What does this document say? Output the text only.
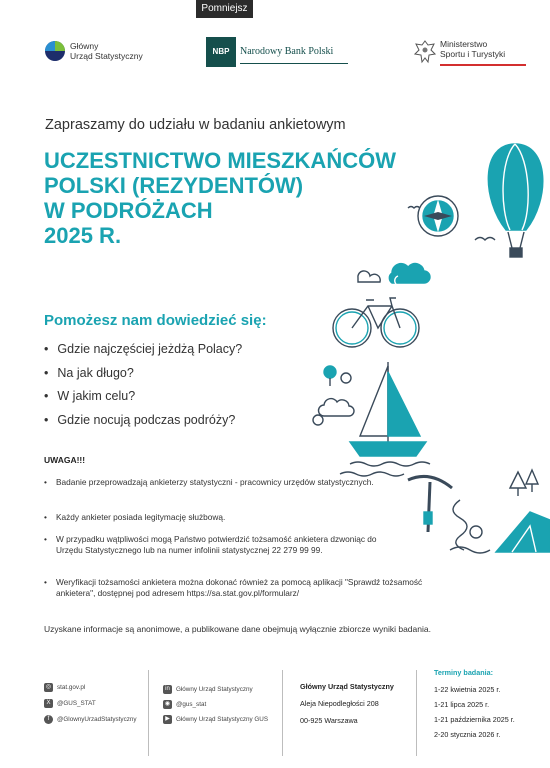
Pomniejsz
Główny
Urząd Statystyczny	NBP	Narodowy Bank Polski
Ministerstwo
Sportu i Turystyki
Zapraszamy do udziału w badaniu ankietowym
UCZESTNICTWO MIESZKAŃCÓW
POLSKI (REZYDENTÓW)
W PODRÓŻACH
2025 R.
Pomożesz nam dowiedzieć się:
• Gdzie najczęściej jeżdżą Polacy?
• Na jak długo?
• W jakim celu?
• Gdzie nocują podczas podróży?
UWAGA!!!
• Badanie przeprowadzają ankieterzy statystyczni - pracownicy urzędów statystycznych.
• Każdy ankieter posiada legitymację służbową.
• W przypadku wątpliwości mogą Państwo potwierdzić tożsamość ankietera dzwoniąc do Urzędu Statystycznego lub na numer infolinii statystycznej 22 279 99 99.
• Weryfikacji tożsamości ankietera można dokonać również za pomocą aplikacji "Sprawdź tożsamość ankietera", dostępnej pod adresem https://sa.stat.gov.pl/formularz/
Uzyskane informacje są anonimowe, a publikowane dane obejmują wyłącznie zbiorcze wyniki badania.
◎ stat.gov.pl
X @GUS_STAT
f @GlownyUrzadStatystyczny
in Główny Urząd Statystyczny
◉ @gus_stat
▶ Główny Urząd Statystyczny GUS
Główny Urząd Statystyczny
Aleja Niepodległości 208
00-925 Warszawa
Terminy badania:
1-22 kwietnia 2025 r.
1-21 lipca 2025 r.
1-21 października 2025 r.
2-20 stycznia 2026 r.
